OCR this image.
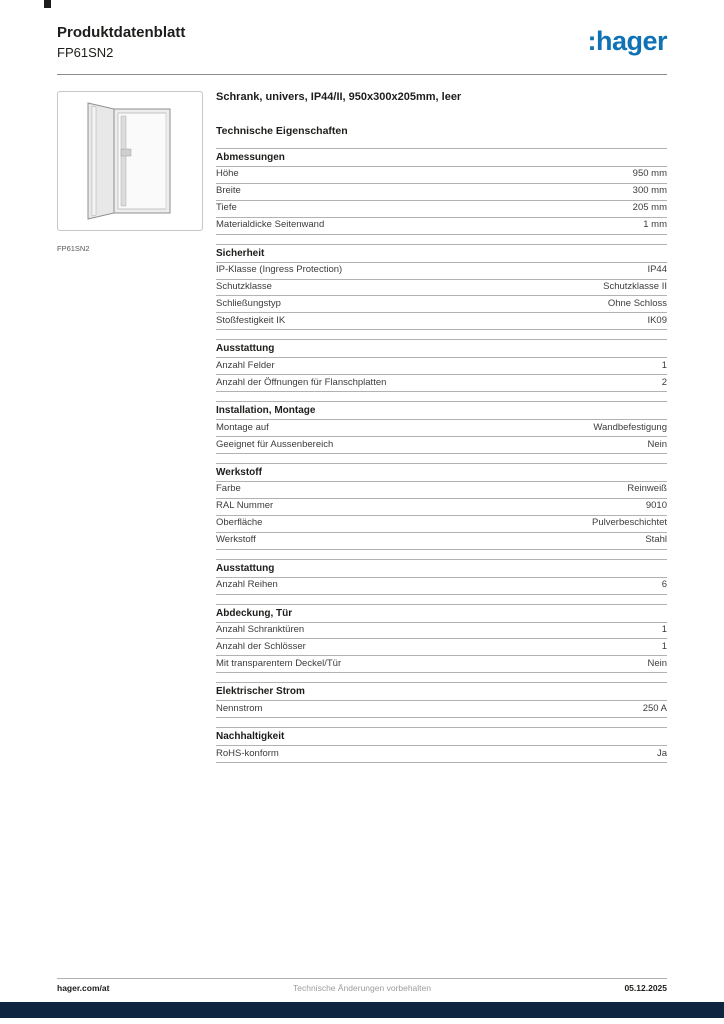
Produktdatenblatt
FP61SN2	:hager
FP61SN2
Schrank, univers, IP44/II, 950x300x205mm, leer
Technische Eigenschaften
Abmessungen
Höhe	950 mm
Breite	300 mm
Tiefe	205 mm
Materialdicke Seitenwand	1 mm
Sicherheit
IP-Klasse (Ingress Protection)	IP44
Schutzklasse	Schutzklasse II
Schließungstyp	Ohne Schloss
Stoßfestigkeit IK	IK09
Ausstattung
Anzahl Felder	1
Anzahl der Öffnungen für Flanschplatten	2
Installation, Montage
Montage auf	Wandbefestigung
Geeignet für Aussenbereich	Nein
Werkstoff
Farbe	Reinweiß
RAL Nummer	9010
Oberfläche	Pulverbeschichtet
Werkstoff	Stahl
Ausstattung
Anzahl Reihen	6
Abdeckung, Tür
Anzahl Schranktüren	1
Anzahl der Schlösser	1
Mit transparentem Deckel/Tür	Nein
Elektrischer Strom
Nennstrom	250 A
Nachhaltigkeit
RoHS-konform	Ja
hager.com/at	Technische Änderungen vorbehalten	05.12.2025
